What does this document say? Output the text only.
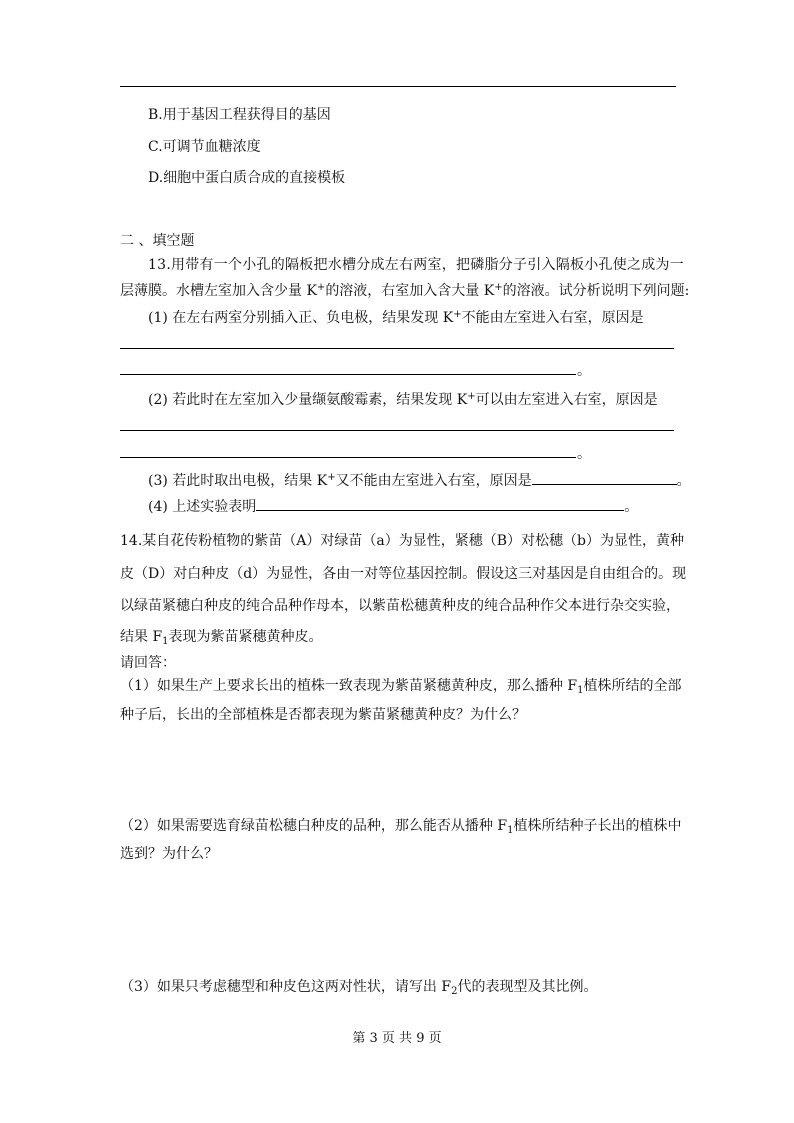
B.用于基因工程获得目的基因
C.可调节血糖浓度
D.细胞中蛋白质合成的直接模板
二 、填空题
13.用带有一个小孔的隔板把水槽分成左右两室，把磷脂分子引入隔板小孔使之成为一
层薄膜。水槽左室加入含少量 K+的溶液，右室加入含大量 K+的溶液。试分析说明下列问题:
(1) 在左右两室分别插入正、负电极，结果发现 K+不能由左室进入右室，原因是
。
(2) 若此时在左室加入少量缬氨酸霉素，结果发现 K+可以由左室进入右室，原因是
。
(3) 若此时取出电极，结果 K+又不能由左室进入右室，原因是	。
(4) 上述实验表明	。
14.某自花传粉植物的紫苗（A）对绿苗（a）为显性，紧穗（B）对松穗（b）为显性，黄种
皮（D）对白种皮（d）为显性，各由一对等位基因控制。假设这三对基因是自由组合的。现
以绿苗紧穗白种皮的纯合品种作母本，以紫苗松穗黄种皮的纯合品种作父本进行杂交实验，
结果 $F_1$表现为紫苗紧穗黄种皮。
请回答：
（1）如果生产上要求长出的植株一致表现为紫苗紧穗黄种皮，那么播种 $F_1$植株所结的全部
种子后，长出的全部植株是否都表现为紫苗紧穗黄种皮？为什么？
（2）如果需要选育绿苗松穗白种皮的品种，那么能否从播种 $F_1$植株所结种子长出的植株中
选到？为什么？
（3）如果只考虑穗型和种皮色这两对性状，请写出 $F_2$代的表现型及其比例。
第 3 页 共 9 页
